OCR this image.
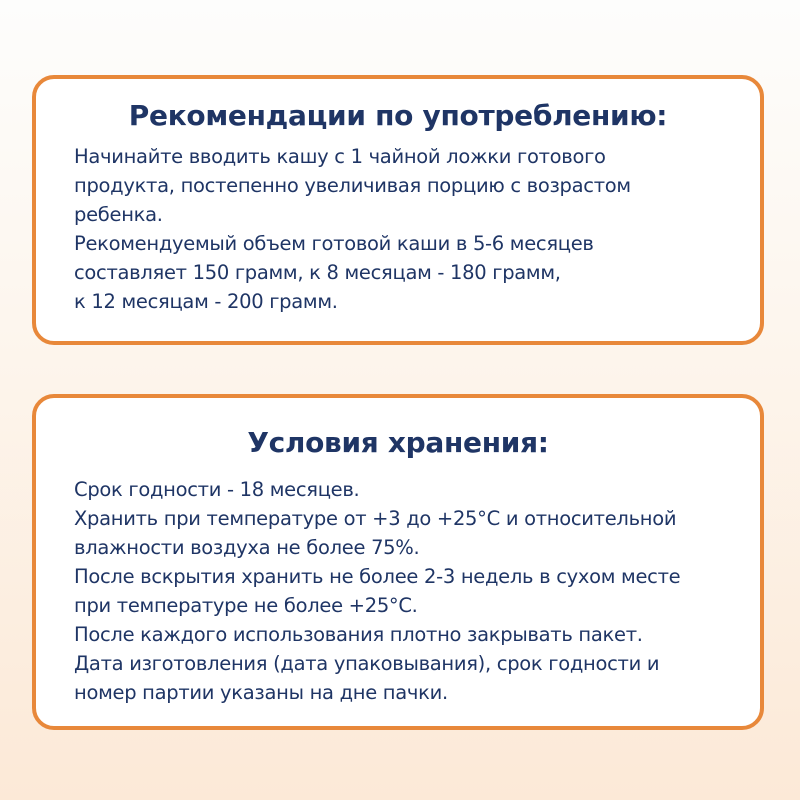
Рекомендации по употреблению:
Начинайте вводить кашу с 1 чайной ложки готового
продукта, постепенно увеличивая порцию с возрастом
ребенка.
Рекомендуемый объем готовой каши в 5-6 месяцев
составляет 150 грамм, к 8 месяцам - 180 грамм,
к 12 месяцам - 200 грамм.
Условия хранения:
Срок годности - 18 месяцев.
Хранить при температуре от +3 до +25°С и относительной
влажности воздуха не более 75%.
После вскрытия хранить не более 2-3 недель в сухом месте
при температуре не более +25°С.
После каждого использования плотно закрывать пакет.
Дата изготовления (дата упаковывания), срок годности и
номер партии указаны на дне пачки.
